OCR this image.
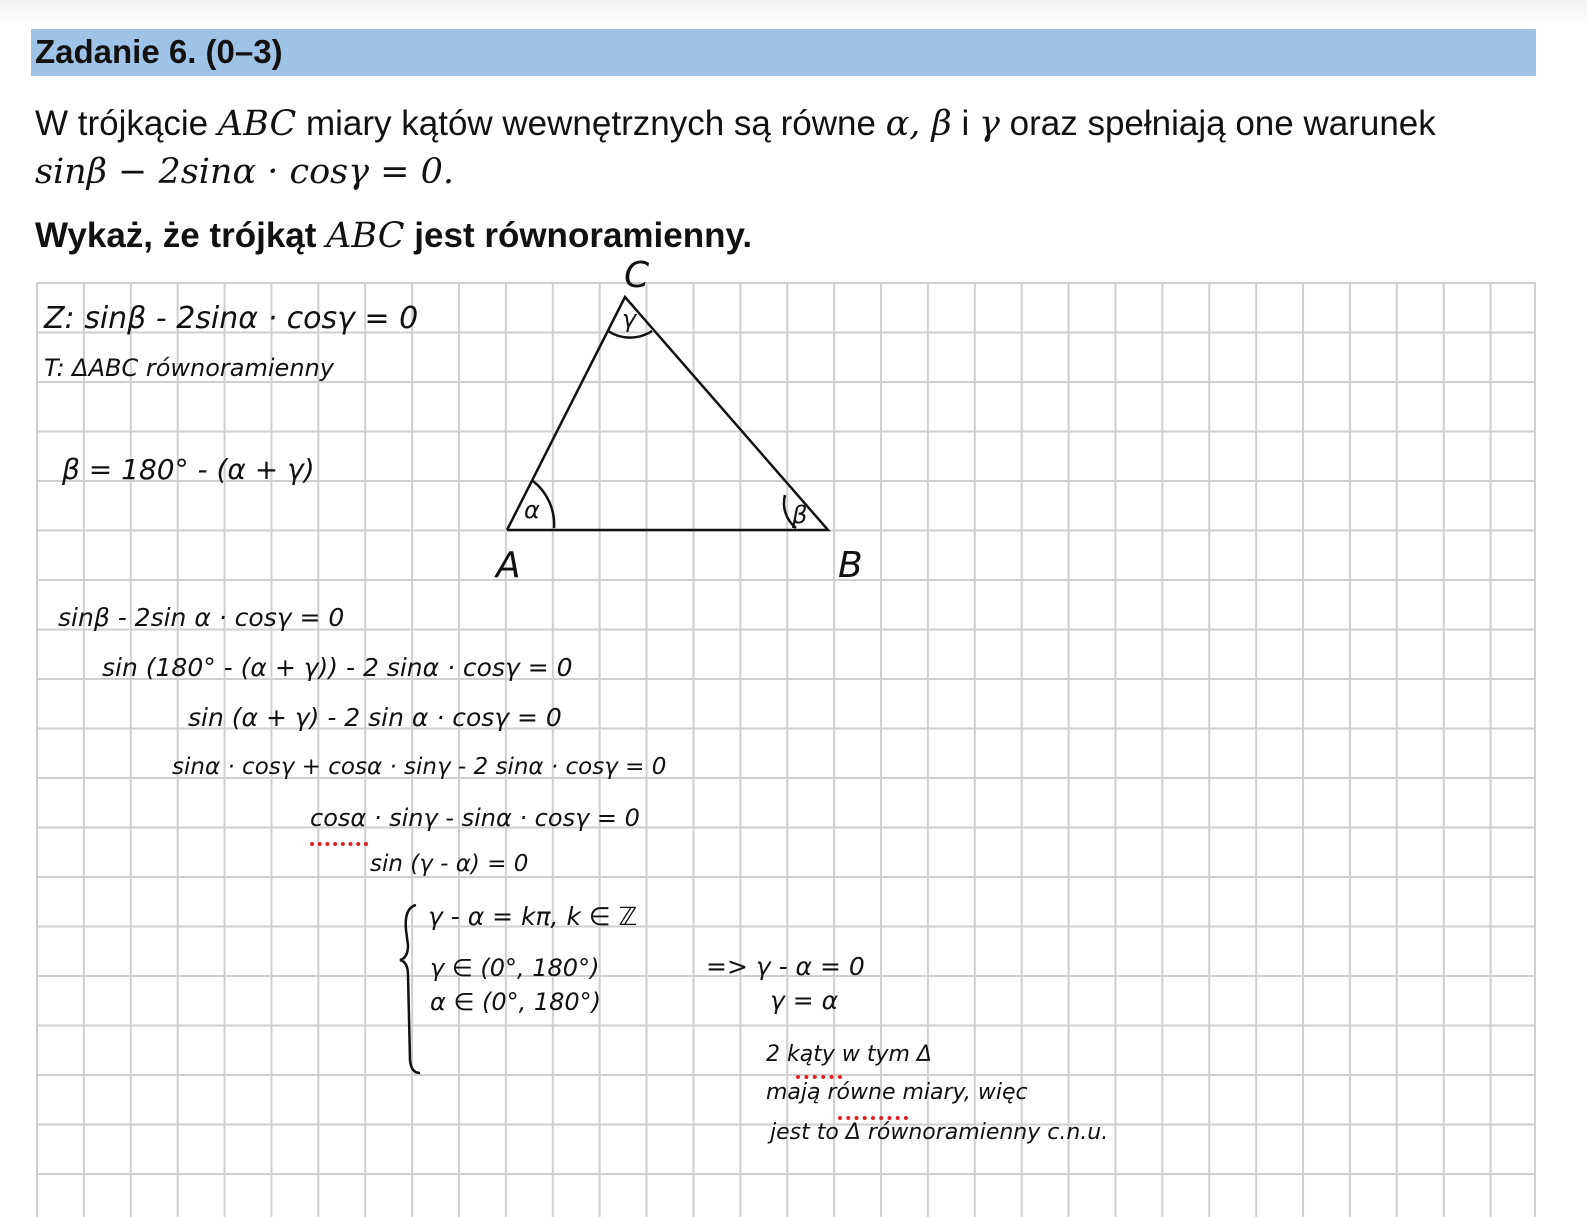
Zadanie 6. (0–3)
W trójkącie ABC miary kątów wewnętrznych są równe α, β i γ oraz spełniają one warunek
sinβ − 2sinα · cosγ = 0.
Wykaż, że trójkąt ABC jest równoramienny.
A	B
C
α	β
γ
Z: sinβ - 2sinα · cosγ = 0
T: ΔABC równoramienny
β = 180° - (α + γ)
sinβ - 2sin α · cosγ = 0
sin (180° - (α + γ)) - 2 sinα · cosγ = 0
sin (α + γ) - 2 sin α · cosγ = 0
sinα · cosγ + cosα · sinγ - 2 sinα · cosγ = 0
cosα · sinγ - sinα · cosγ = 0
sin (γ - α) = 0
γ - α = kπ, k ∈ ℤ
γ ∈ (0°, 180°)
α ∈ (0°, 180°)
=> γ - α = 0
γ = α
2 kąty w tym Δ
mają równe miary, więc
jest to Δ równoramienny c.n.u.
